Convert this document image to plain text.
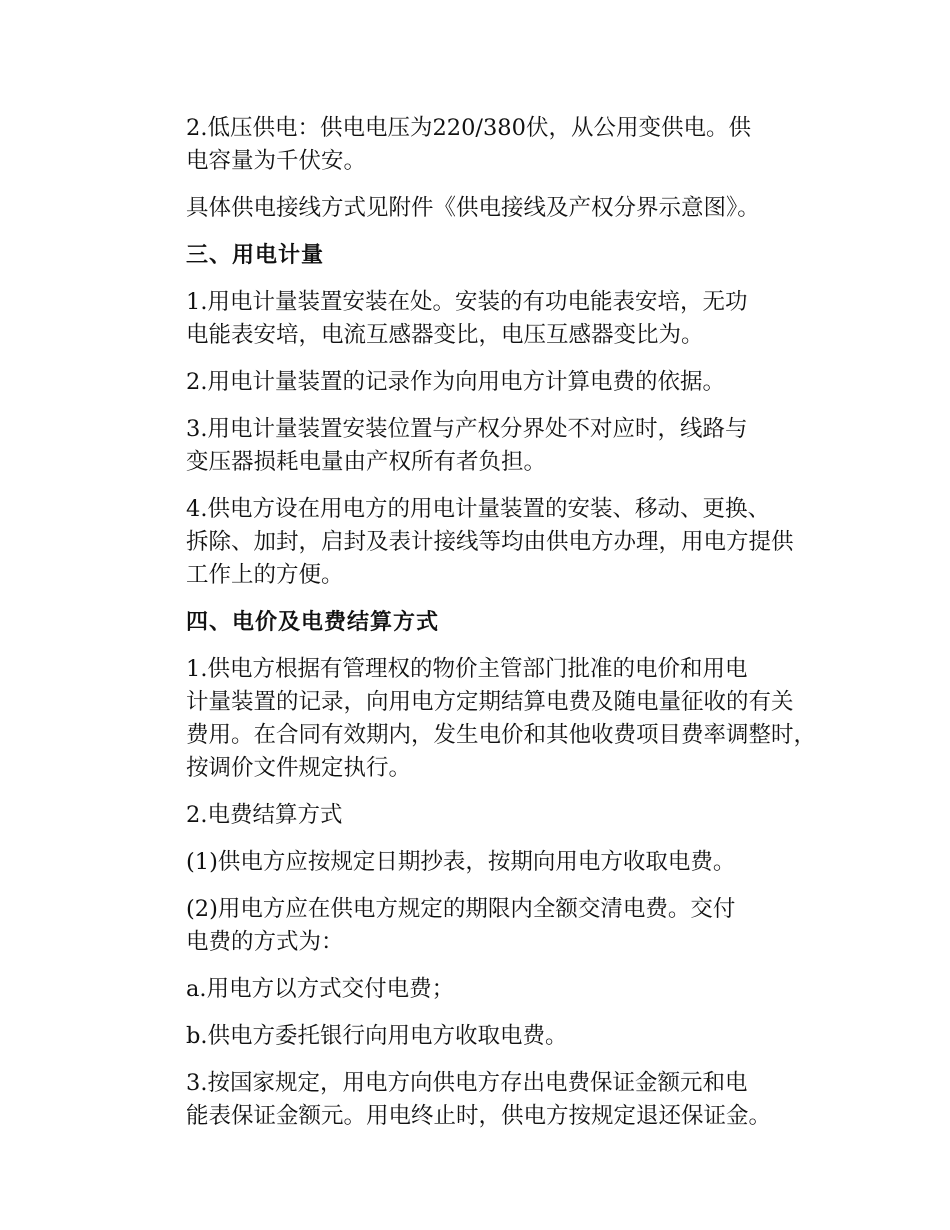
2.低压供电：供电电压为220/380伏，从公用变供电。供
电容量为千伏安。
具体供电接线方式见附件《供电接线及产权分界示意图》。
三、用电计量
1.用电计量装置安装在处。安装的有功电能表安培，无功
电能表安培，电流互感器变比，电压互感器变比为。
2.用电计量装置的记录作为向用电方计算电费的依据。
3.用电计量装置安装位置与产权分界处不对应时，线路与
变压器损耗电量由产权所有者负担。
4.供电方设在用电方的用电计量装置的安装、移动、更换、
拆除、加封，启封及表计接线等均由供电方办理，用电方提供
工作上的方便。
四、电价及电费结算方式
1.供电方根据有管理权的物价主管部门批准的电价和用电
计量装置的记录，向用电方定期结算电费及随电量征收的有关
费用。在合同有效期内，发生电价和其他收费项目费率调整时，
按调价文件规定执行。
2.电费结算方式
(1)供电方应按规定日期抄表，按期向用电方收取电费。
(2)用电方应在供电方规定的期限内全额交清电费。交付
电费的方式为：
a.用电方以方式交付电费；
b.供电方委托银行向用电方收取电费。
3.按国家规定，用电方向供电方存出电费保证金额元和电
能表保证金额元。用电终止时，供电方按规定退还保证金。
